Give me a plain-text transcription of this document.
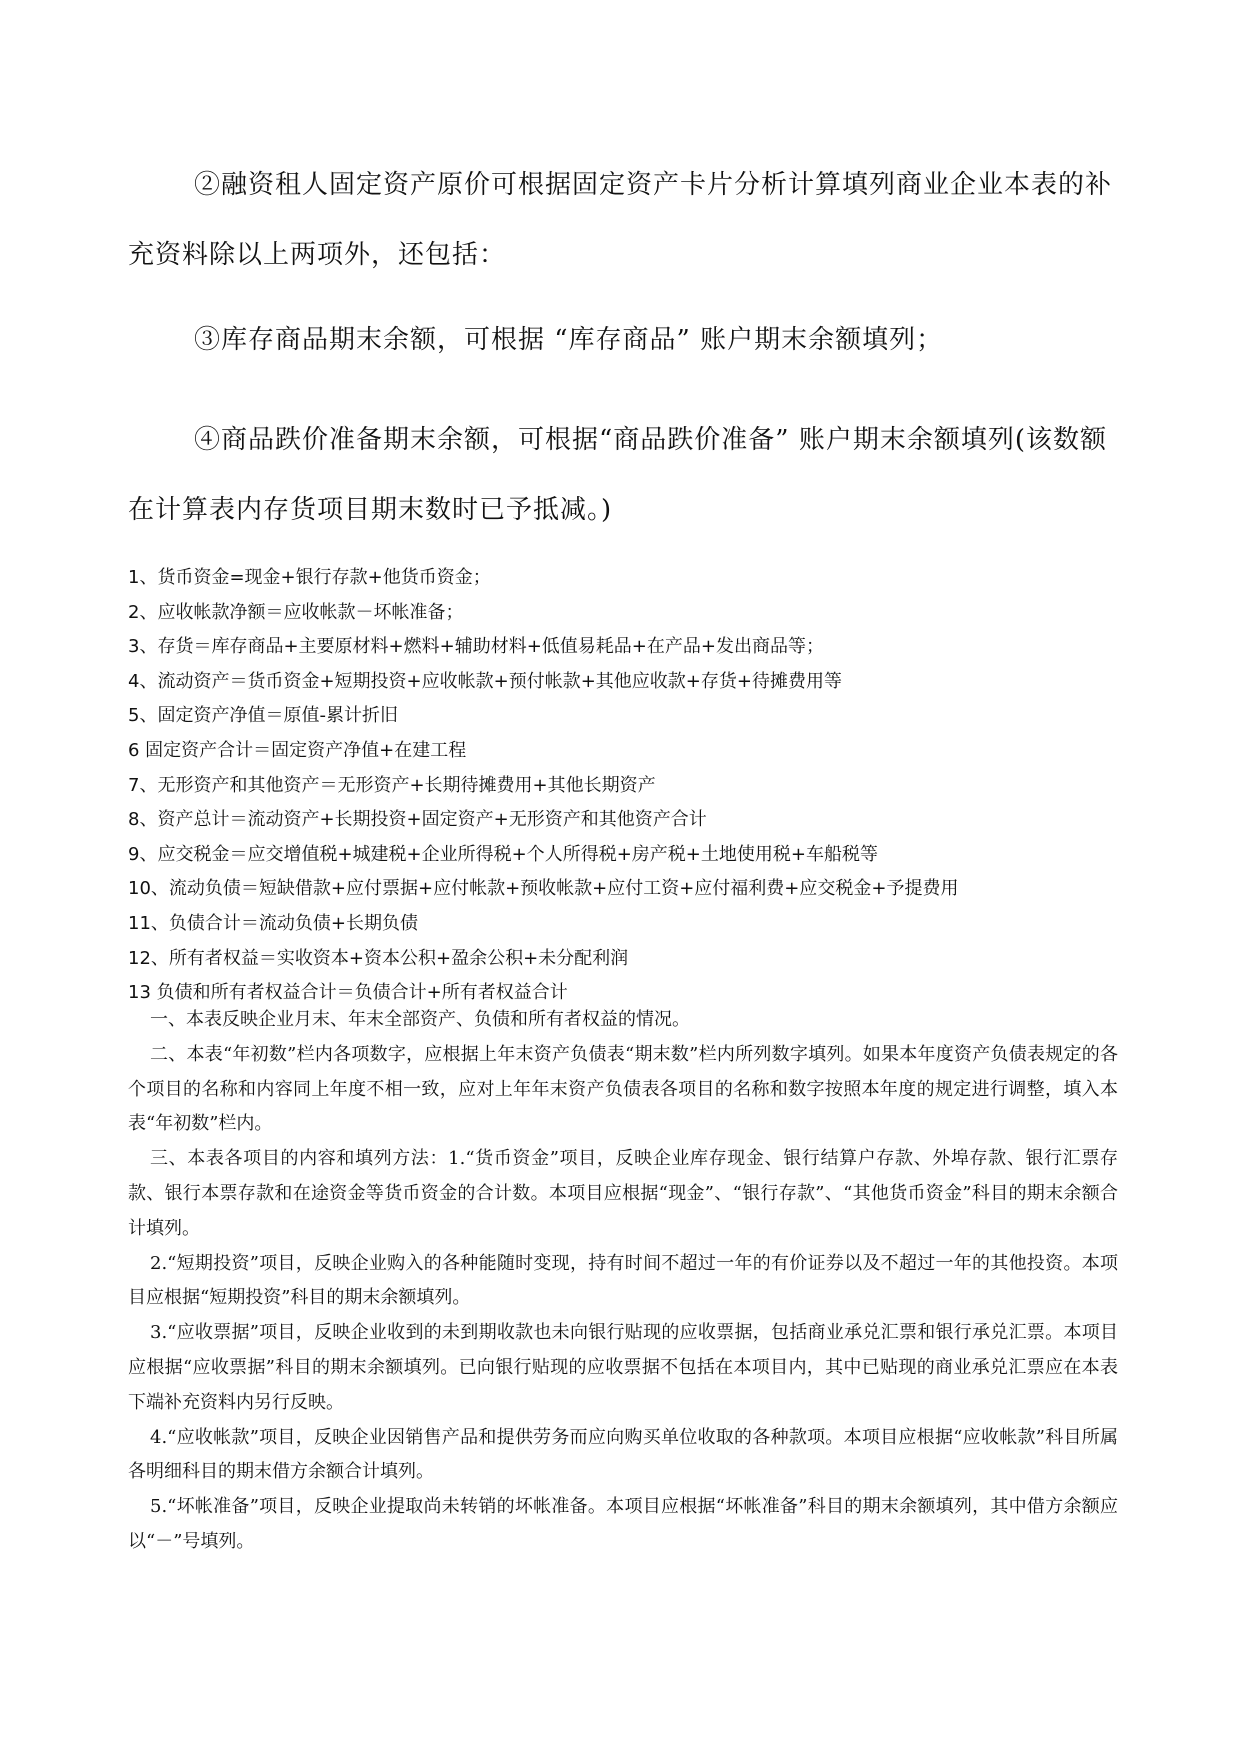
②融资租人固定资产原价可根据固定资产卡片分析计算填列商业企业本表的补充资料除以上两项外，还包括：

③库存商品期末余额，可根据 “库存商品” 账户期末余额填列；

④商品跌价准备期末余额，可根据“商品跌价准备” 账户期末余额填列(该数额在计算表内存货项目期末数时已予抵减。)

1、货币资金=现金+银行存款+他货币资金；
2、应收帐款净额＝应收帐款－坏帐准备；
3、存货＝库存商品+主要原材料+燃料+辅助材料+低值易耗品+在产品+发出商品等；
4、流动资产＝货币资金+短期投资+应收帐款+预付帐款+其他应收款+存货+待摊费用等
5、固定资产净值＝原值-累计折旧
6 固定资产合计＝固定资产净值+在建工程
7、无形资产和其他资产＝无形资产+长期待摊费用+其他长期资产
8、资产总计＝流动资产+长期投资+固定资产+无形资产和其他资产合计
9、应交税金＝应交增值税+城建税+企业所得税+个人所得税+房产税+土地使用税+车船税等
10、流动负债＝短缺借款+应付票据+应付帐款+预收帐款+应付工资+应付福利费+应交税金+予提费用
11、负债合计＝流动负债+长期负债
12、所有者权益＝实收资本+资本公积+盈余公积+未分配利润
13 负债和所有者权益合计＝负债合计+所有者权益合计

一、本表反映企业月末、年末全部资产、负债和所有者权益的情况。

二、本表“年初数”栏内各项数字，应根据上年末资产负债表“期末数”栏内所列数字填列。如果本年度资产负债表规定的各个项目的名称和内容同上年度不相一致，应对上年年末资产负债表各项目的名称和数字按照本年度的规定进行调整，填入本表“年初数”栏内。

三、本表各项目的内容和填列方法：1.“货币资金”项目，反映企业库存现金、银行结算户存款、外埠存款、银行汇票存款、银行本票存款和在途资金等货币资金的合计数。本项目应根据“现金”、“银行存款”、“其他货币资金”科目的期末余额合计填列。

2.“短期投资”项目，反映企业购入的各种能随时变现，持有时间不超过一年的有价证券以及不超过一年的其他投资。本项目应根据“短期投资”科目的期末余额填列。

3.“应收票据”项目，反映企业收到的未到期收款也未向银行贴现的应收票据，包括商业承兑汇票和银行承兑汇票。本项目应根据“应收票据”科目的期末余额填列。已向银行贴现的应收票据不包括在本项目内，其中已贴现的商业承兑汇票应在本表下端补充资料内另行反映。

4.“应收帐款”项目，反映企业因销售产品和提供劳务而应向购买单位收取的各种款项。本项目应根据“应收帐款”科目所属各明细科目的期末借方余额合计填列。

5.“坏帐准备”项目，反映企业提取尚未转销的坏帐准备。本项目应根据“坏帐准备”科目的期末余额填列，其中借方余额应以“－”号填列。
